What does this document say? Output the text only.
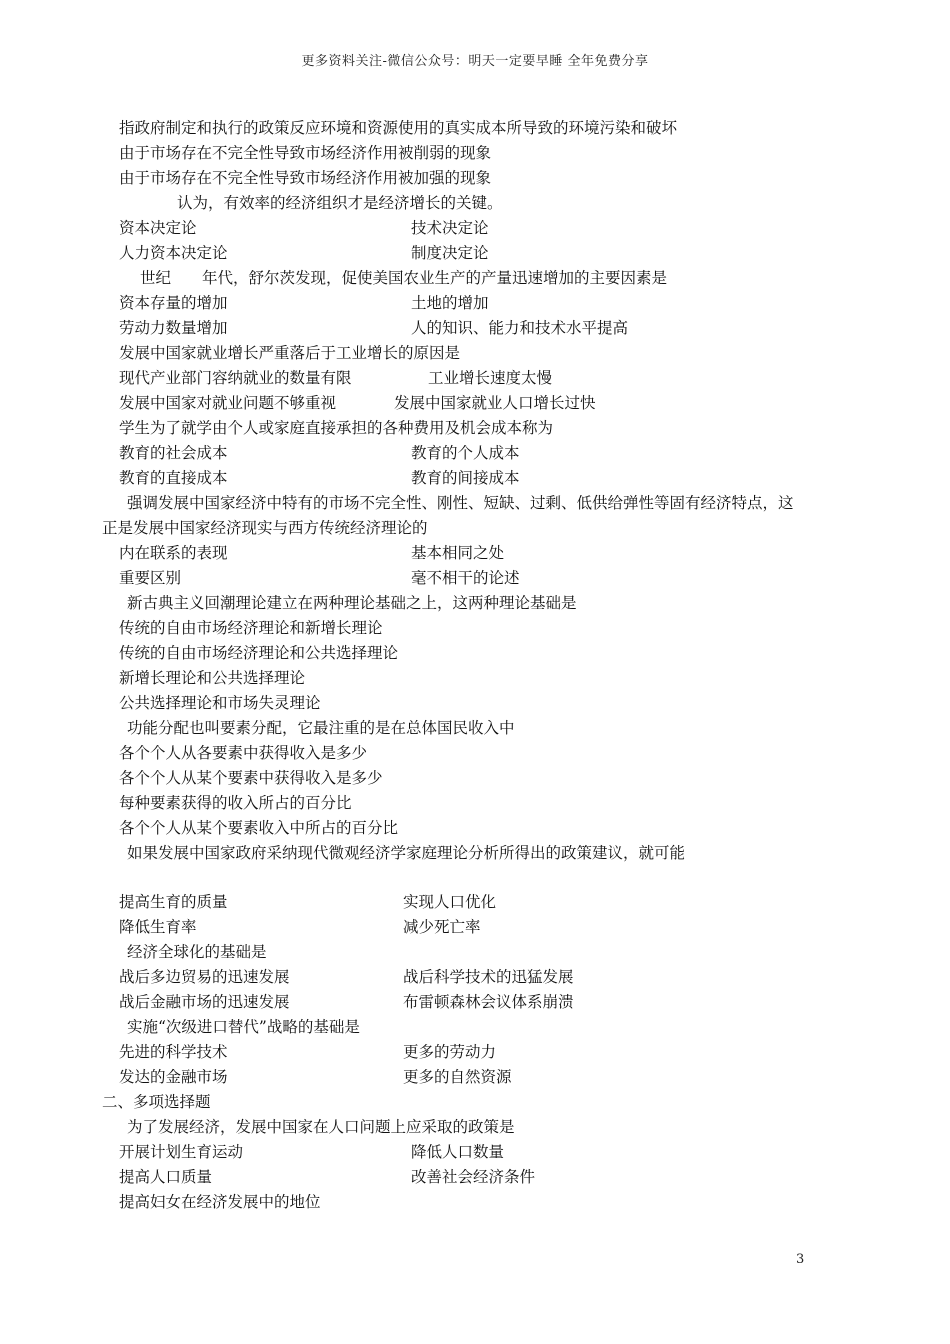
更多资料关注-微信公众号：明天一定要早睡 全年免费分享
指政府制定和执行的政策反应环境和资源使用的真实成本所导致的环境污染和破坏
由于市场存在不完全性导致市场经济作用被削弱的现象
由于市场存在不完全性导致市场经济作用被加强的现象
认为，有效率的经济组织才是经济增长的关键。
资本决定论	技术决定论
人力资本决定论	制度决定论
世纪　　年代，舒尔茨发现，促使美国农业生产的产量迅速增加的主要因素是
资本存量的增加	土地的增加
劳动力数量增加	人的知识、能力和技术水平提高
发展中国家就业增长严重落后于工业增长的原因是
现代产业部门容纳就业的数量有限	工业增长速度太慢
发展中国家对就业问题不够重视	发展中国家就业人口增长过快
学生为了就学由个人或家庭直接承担的各种费用及机会成本称为
教育的社会成本	教育的个人成本
教育的直接成本	教育的间接成本
强调发展中国家经济中特有的市场不完全性、刚性、短缺、过剩、低供给弹性等固有经济特点，这
正是发展中国家经济现实与西方传统经济理论的
内在联系的表现	基本相同之处
重要区别	毫不相干的论述
新古典主义回潮理论建立在两种理论基础之上，这两种理论基础是
传统的自由市场经济理论和新增长理论
传统的自由市场经济理论和公共选择理论
新增长理论和公共选择理论
公共选择理论和市场失灵理论
功能分配也叫要素分配，它最注重的是在总体国民收入中
各个个人从各要素中获得收入是多少
各个个人从某个要素中获得收入是多少
每种要素获得的收入所占的百分比
各个个人从某个要素收入中所占的百分比
如果发展中国家政府采纳现代微观经济学家庭理论分析所得出的政策建议，就可能
提高生育的质量	实现人口优化
降低生育率	减少死亡率
经济全球化的基础是
战后多边贸易的迅速发展	战后科学技术的迅猛发展
战后金融市场的迅速发展	布雷顿森林会议体系崩溃
实施“次级进口替代”战略的基础是
先进的科学技术	更多的劳动力
发达的金融市场	更多的自然资源
二、多项选择题
为了发展经济，发展中国家在人口问题上应采取的政策是
开展计划生育运动	降低人口数量
提高人口质量	改善社会经济条件
提高妇女在经济发展中的地位
3
